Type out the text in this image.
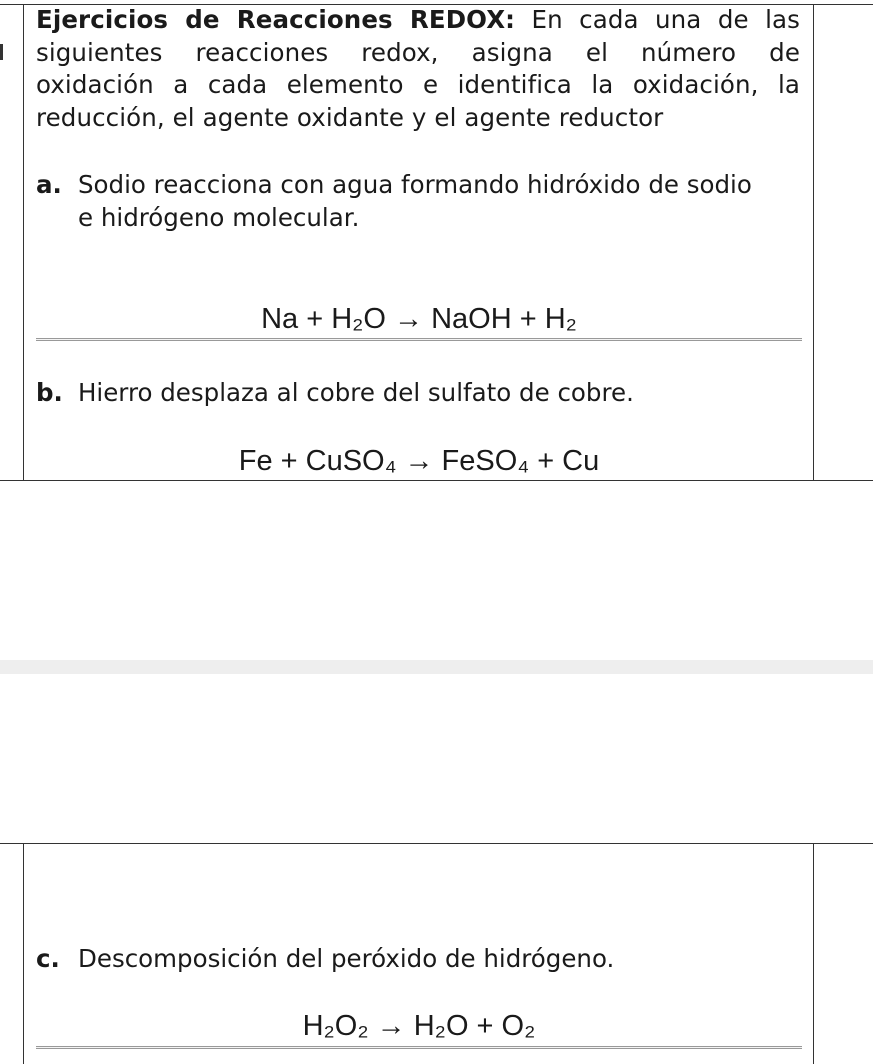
Ejercicios de Reacciones REDOX: En cada una de las
siguientes reacciones redox, asigna el número de
oxidación a cada elemento e identifica la oxidación, la
reducción, el agente oxidante y el agente reductor
a. Sodio reacciona con agua formando hidróxido de sodio
e hidrógeno molecular.
Na + H₂O → NaOH + H₂
b. Hierro desplaza al cobre del sulfato de cobre.
Fe + CuSO₄ → FeSO₄ + Cu
c. Descomposición del peróxido de hidrógeno.
H₂O₂ → H₂O + O₂
